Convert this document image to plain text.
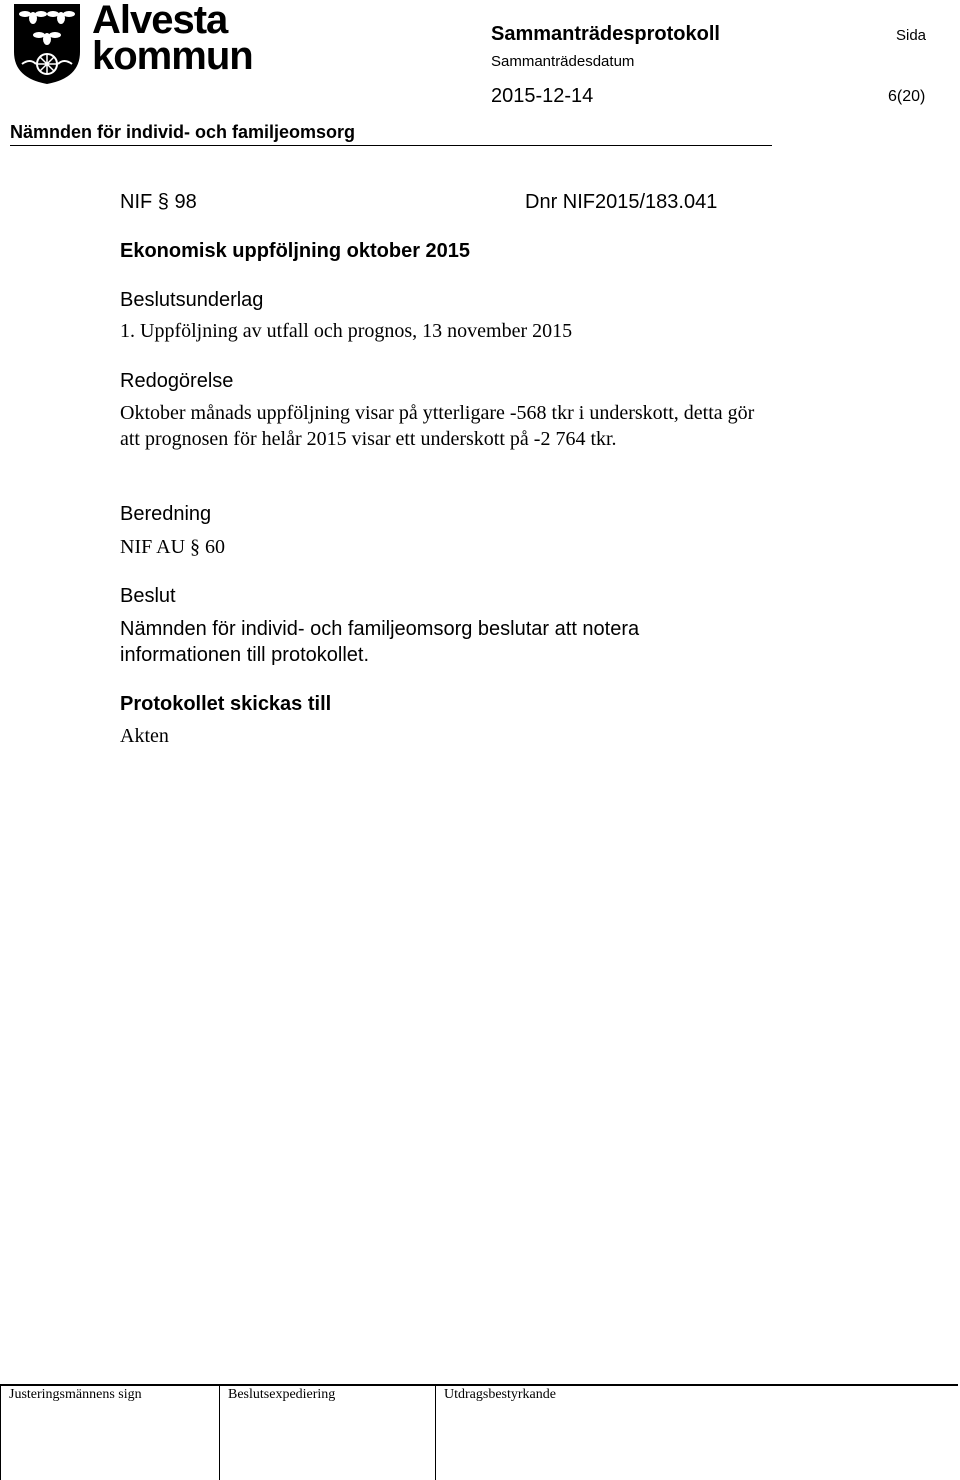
Alvesta
kommun	Sammanträdesprotokoll	Sida
Sammanträdesdatum
2015-12-14	6(20)
Nämnden för individ- och familjeomsorg
NIF § 98	Dnr NIF2015/183.041
Ekonomisk uppföljning oktober 2015
Beslutsunderlag
1. Uppföljning av utfall och prognos, 13 november 2015
Redogörelse
Oktober månads uppföljning visar på ytterligare -568 tkr i underskott, detta gör att prognosen för helår 2015 visar ett underskott på -2 764 tkr.
Beredning
NIF AU § 60
Beslut
Nämnden för individ- och familjeomsorg beslutar att notera informationen till protokollet.
Protokollet skickas till
Akten
Justeringsmännens sign	Beslutsexpediering	Utdragsbestyrkande
